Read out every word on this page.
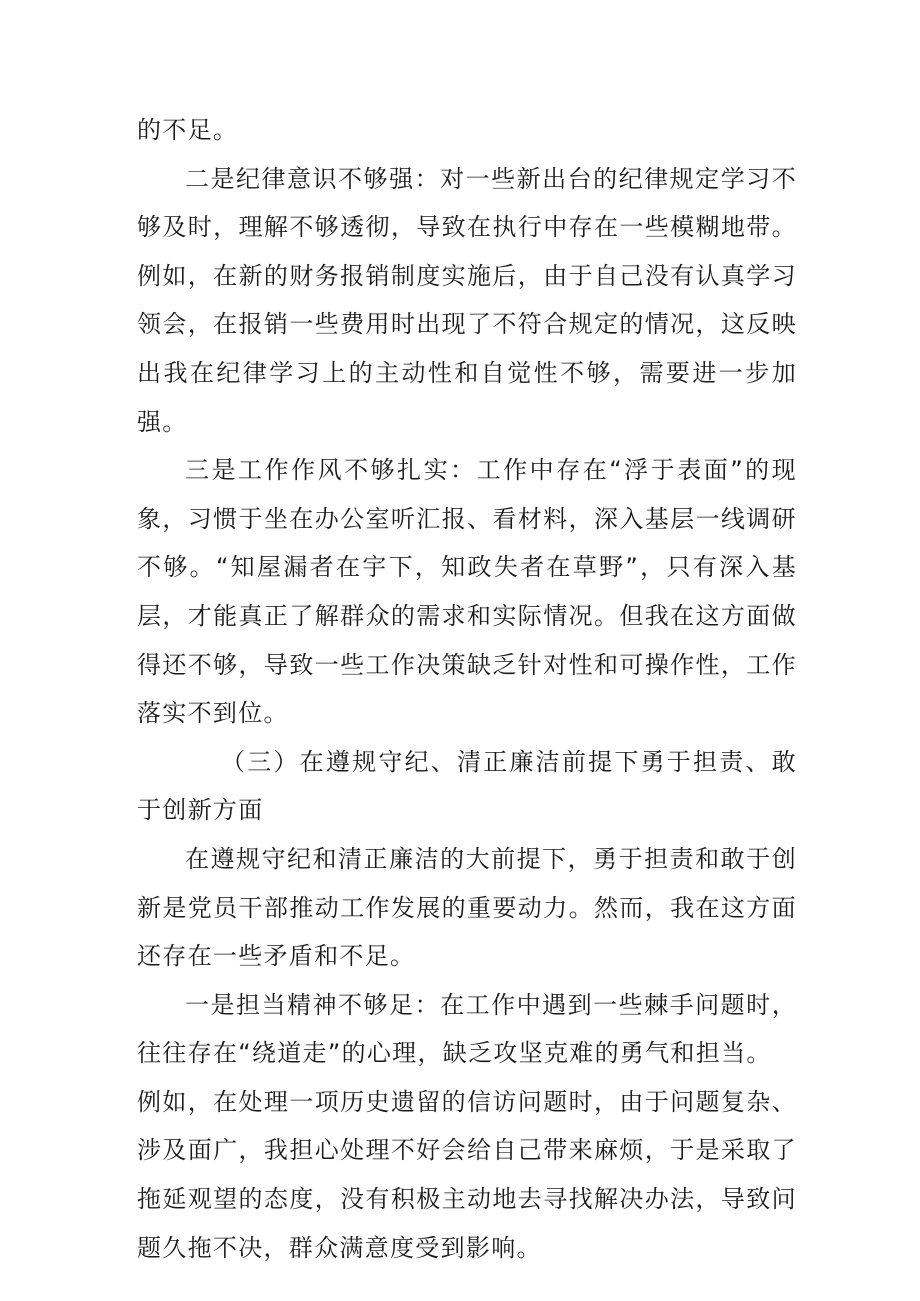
的不足。

二是纪律意识不够强：对一些新出台的纪律规定学习不够及时，理解不够透彻，导致在执行中存在一些模糊地带。例如，在新的财务报销制度实施后，由于自己没有认真学习领会，在报销一些费用时出现了不符合规定的情况，这反映出我在纪律学习上的主动性和自觉性不够，需要进一步加强。

三是工作作风不够扎实：工作中存在“浮于表面”的现象，习惯于坐在办公室听汇报、看材料，深入基层一线调研不够。“知屋漏者在宇下，知政失者在草野”，只有深入基层，才能真正了解群众的需求和实际情况。但我在这方面做得还不够，导致一些工作决策缺乏针对性和可操作性，工作落实不到位。

（三）在遵规守纪、清正廉洁前提下勇于担责、敢于创新方面

在遵规守纪和清正廉洁的大前提下，勇于担责和敢于创新是党员干部推动工作发展的重要动力。然而，我在这方面还存在一些矛盾和不足。

一是担当精神不够足：在工作中遇到一些棘手问题时，往往存在“绕道走”的心理，缺乏攻坚克难的勇气和担当。

例如，在处理一项历史遗留的信访问题时，由于问题复杂、涉及面广，我担心处理不好会给自己带来麻烦，于是采取了拖延观望的态度，没有积极主动地去寻找解决办法，导致问题久拖不决，群众满意度受到影响。
